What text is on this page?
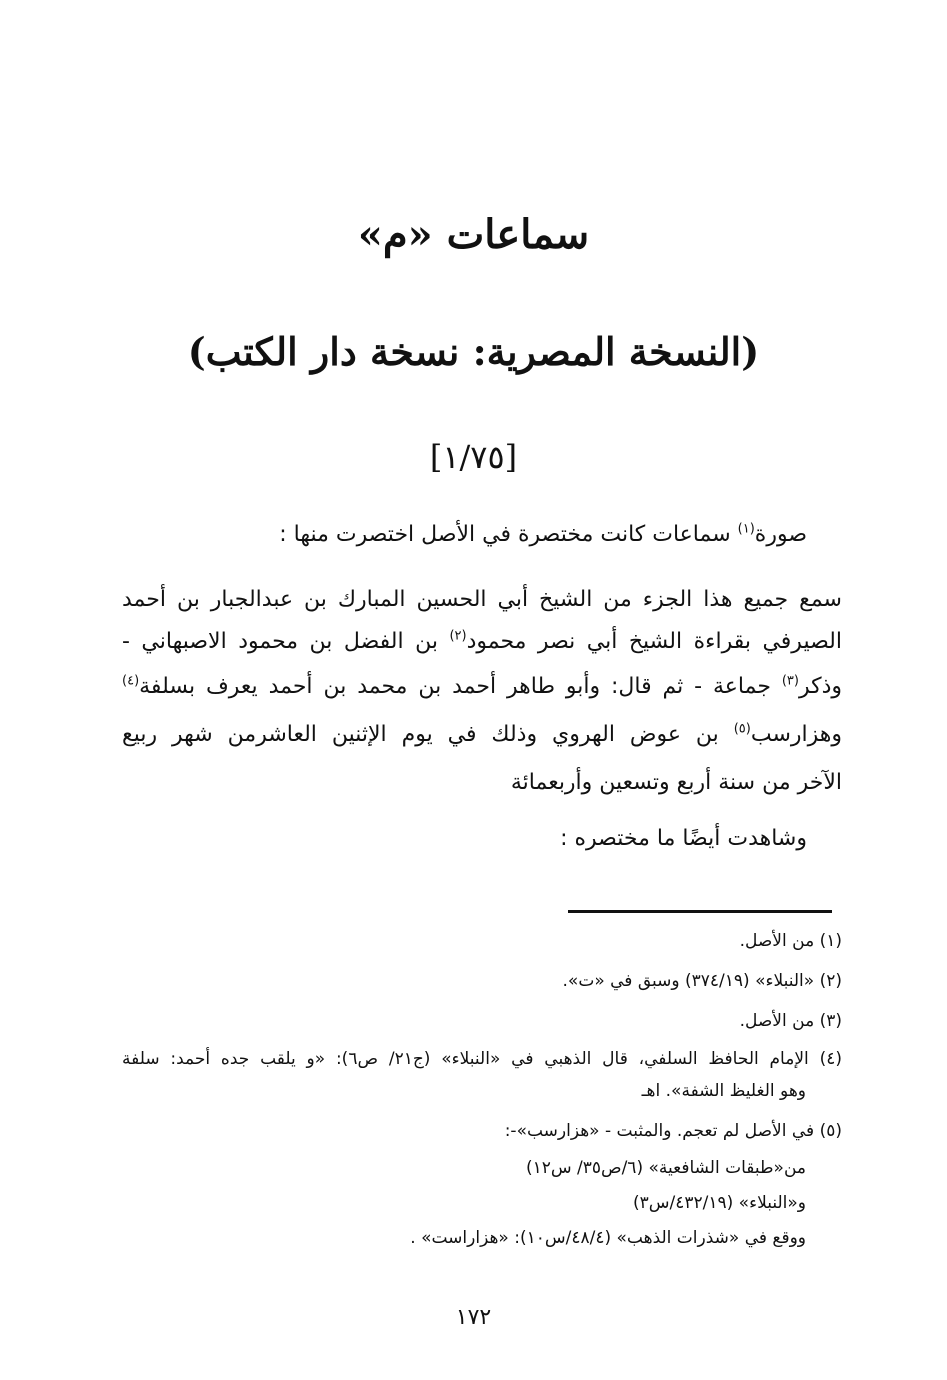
سماعات «م»
(النسخة المصرية: نسخة دار الكتب)
[١/٧٥]
صورة$^{(١)}$ سماعات كانت مختصرة في الأصل اختصرت منها :
سمع جميع هذا الجزء من الشيخ أبي الحسين المبارك بن عبدالجبار بن أحمد
الصيرفي بقراءة الشيخ أبي نصر محمود$^{(٢)}$ بن الفضل بن محمود الاصبهاني -
وذكر$^{(٣)}$ جماعة - ثم قال: وأبو طاهر أحمد بن محمد بن أحمد يعرف بسلفة$^{(٤)}$
وهزارسب$^{(٥)}$ بن عوض الهروي وذلك في يوم الإثنين العاشرمن شهر ربيع
الآخر من سنة أربع وتسعين وأربعمائة
وشاهدت أيضًا ما مختصره :
(١) من الأصل.
(٢) «النبلاء» (٣٧٤/١٩) وسبق في «ت».
(٣) من الأصل.
(٤) الإمام الحافظ السلفي، قال الذهبي في «النبلاء» (ج٢١/ ص٦): «و يلقب جده أحمد: سلفة
وهو الغليظ الشفة». اهـ
(٥) في الأصل لم تعجم. والمثبت - «هزارسب»-:
من«طبقات الشافعية» (٦/ص٣٥/ س١٢)
و«النبلاء» (٤٣٢/١٩/س٣)
ووقع في «شذرات الذهب» (٤٨/٤/س١٠): «هزاراست» .
١٧٢
